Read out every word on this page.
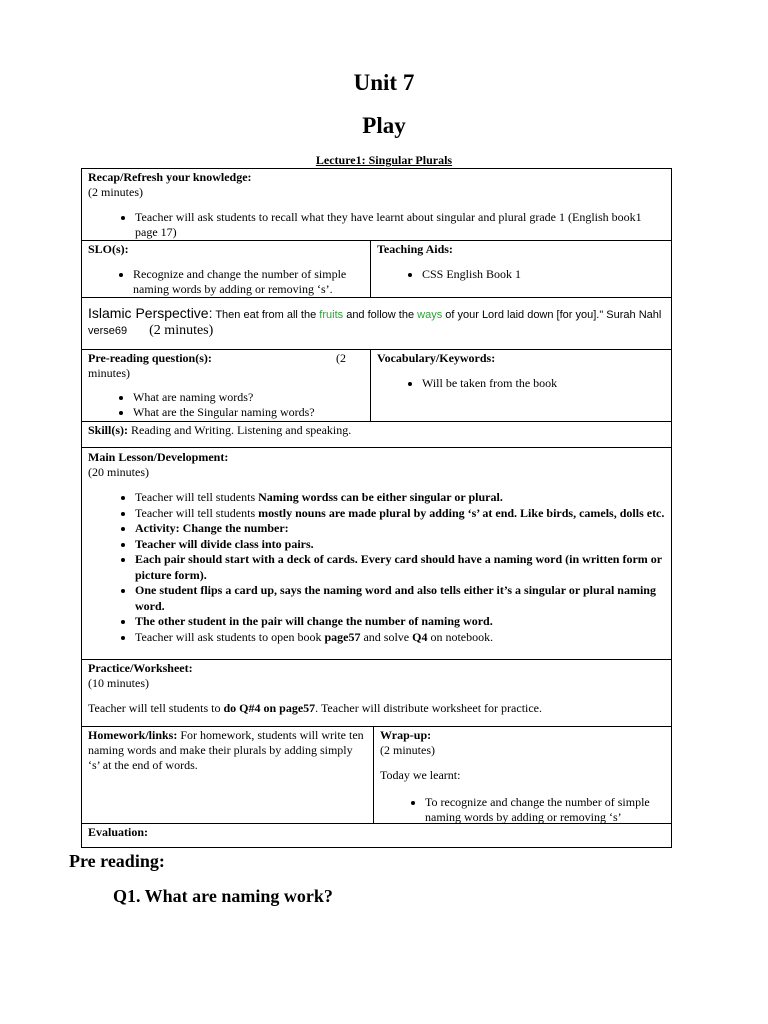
Unit 7
Play
Lecture1: Singular Plurals
Recap/Refresh your knowledge:
(2 minutes)
• Teacher will ask students to recall what they have learnt about singular and plural grade 1 (English book1 page 17)
SLO(s):
• Recognize and change the number of simple naming words by adding or removing ‘s’.
Teaching Aids:
• CSS English Book 1
Islamic Perspective: Then eat from all the fruits and follow the ways of your Lord laid down [for you]." Surah Nahl verse69 (2 minutes)
Pre-reading question(s):	(2 minutes)
• What are naming words?
• What are the Singular naming words?
Vocabulary/Keywords:
• Will be taken from the book
Skill(s): Reading and Writing. Listening and speaking.
Main Lesson/Development:
(20 minutes)
• Teacher will tell students Naming wordss can be either singular or plural.
• Teacher will tell students mostly nouns are made plural by adding ‘s’ at end. Like birds, camels, dolls etc.
• Activity: Change the number:
• Teacher will divide class into pairs.
• Each pair should start with a deck of cards. Every card should have a naming word (in written form or picture form).
• One student flips a card up, says the naming word and also tells either it’s a singular or plural naming word.
• The other student in the pair will change the number of naming word.
• Teacher will ask students to open book page57 and solve Q4 on notebook.
Practice/Worksheet:
(10 minutes)
Teacher will tell students to do Q#4 on page57. Teacher will distribute worksheet for practice.
Homework/links: For homework, students will write ten naming words and make their plurals by adding simply ‘s’ at the end of words.
Wrap-up:
(2 minutes)
Today we learnt:
• To recognize and change the number of simple naming words by adding or removing ‘s’
Evaluation:
Pre reading:
Q1. What are naming work?
